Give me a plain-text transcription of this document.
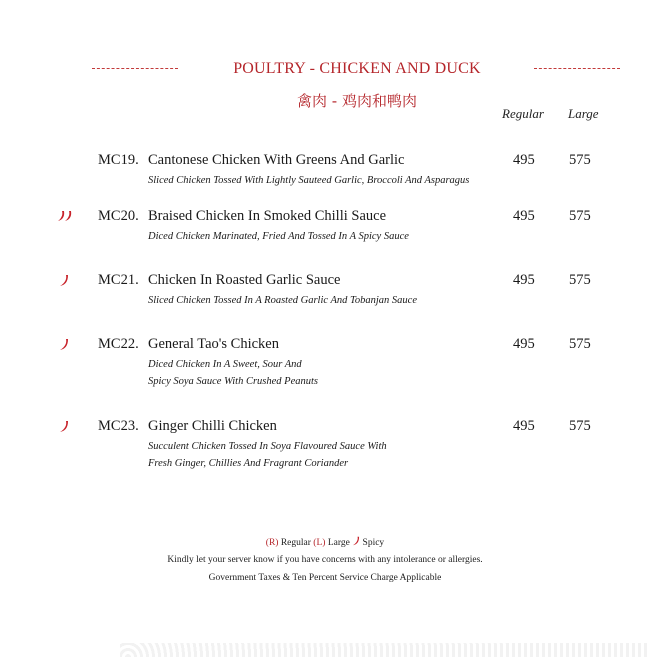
POULTRY - CHICKEN AND DUCK
禽肉 - 鸡肉和鸭肉
Regular Large
MC19. Cantonese Chicken With Greens And Garlic
Sliced Chicken Tossed With Lightly Sauteed Garlic, Broccoli And Asparagus
495 575
MC20. Braised Chicken In Smoked Chilli Sauce
Diced Chicken Marinated, Fried And Tossed In A Spicy Sauce
495 575
MC21. Chicken In Roasted Garlic Sauce
Sliced Chicken Tossed In A Roasted Garlic And Tobanjan Sauce
495 575
MC22. General Tao's Chicken
Diced Chicken In A Sweet, Sour And
Spicy Soya Sauce With Crushed Peanuts
495 575
MC23. Ginger Chilli Chicken
Succulent Chicken Tossed In Soya Flavoured Sauce With
Fresh Ginger, Chillies And Fragrant Coriander
495 575
(R) Regular (L) Large Spicy
Kindly let your server know if you have concerns with any intolerance or allergies.
Government Taxes & Ten Percent Service Charge Applicable
